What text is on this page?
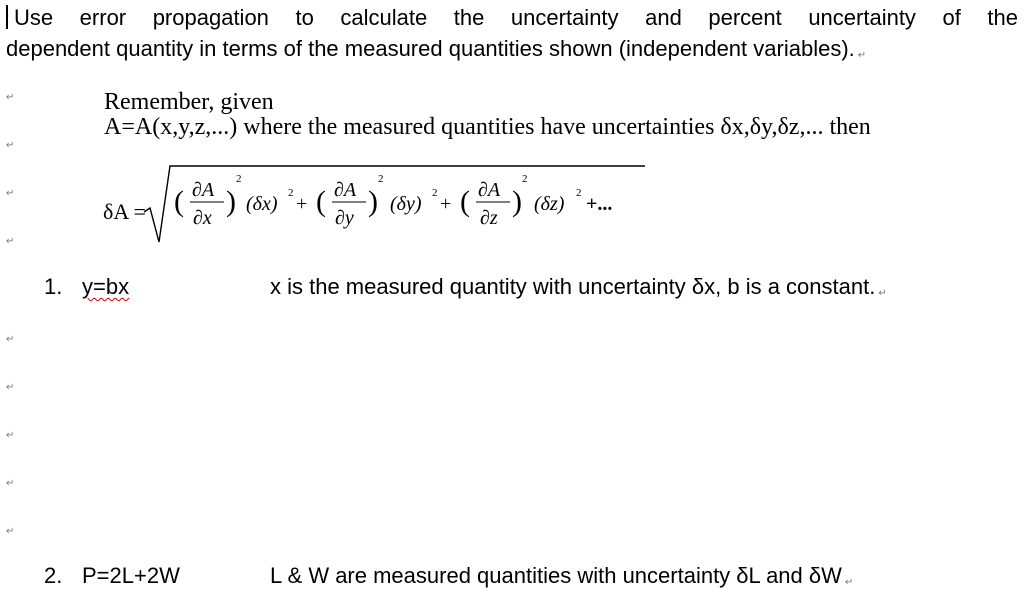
Use error propagation to calculate the uncertainty and percent uncertainty of the
dependent quantity in terms of the measured quantities shown (independent variables). ↵
↵
↵
↵
↵
↵
↵
↵
↵
↵
Remember, given
A=A(x,y,z,...) where the measured quantities have uncertainties δx,δy,δz,... then
δA = ( ∂A
∂x )
2
(δx) 2 + ( ∂A
∂y )
2
(δy) 2 + ( ∂A
∂z )
2
(δz) 2 +...
1. y=bx	x is the measured quantity with uncertainty δx, b is a constant. ↵
2. P=2L+2W	L & W are measured quantities with uncertainty δL and δW ↵
